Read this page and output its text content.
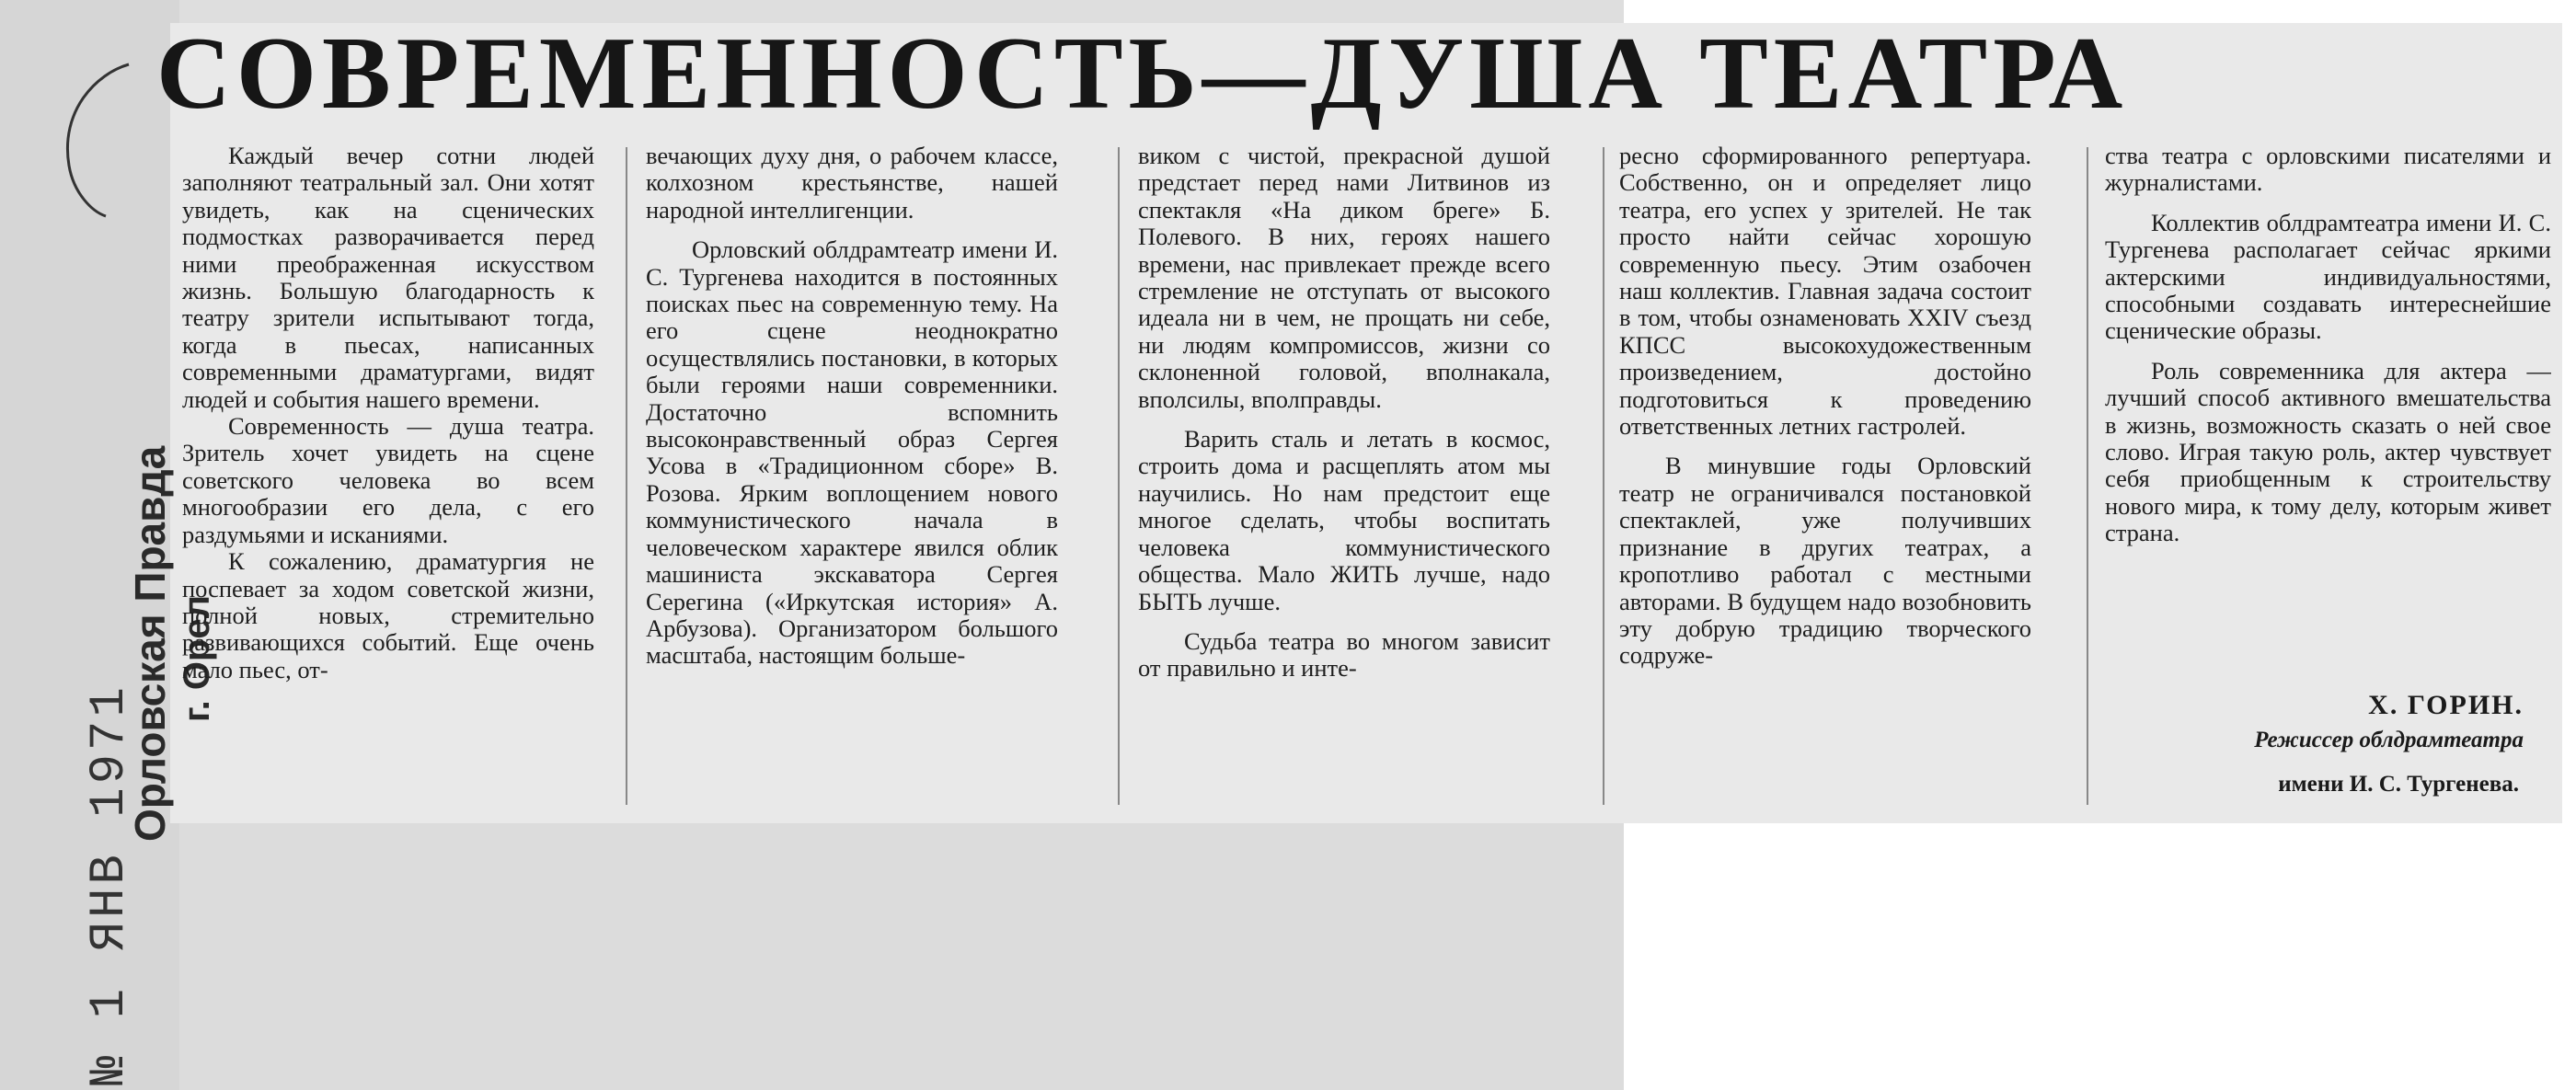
СОВРЕМЕННОСТЬ—ДУША ТЕАТРА
Орловская Правда г. Орел
№ 1 ЯНВ 1971

Каждый вечер сотни людей заполняют театральный зал. Они хотят увидеть, как на сценических подмостках разворачивается перед ними преображенная искусством жизнь. Большую благодарность к театру зрители испытывают тогда, когда в пьесах, написанных современными драматургами, видят людей и события нашего времени.

Современность — душа театра. Зритель хочет увидеть на сцене советского человека во всем многообразии его дела, с его раздумьями и исканиями.

К сожалению, драматургия не поспевает за ходом советской жизни, полной новых, стремительно развивающихся событий. Еще очень мало пьес, от-

вечающих духу дня, о рабочем классе, колхозном крестьянстве, нашей народной интеллигенции.

Орловский облдрамтеатр имени И. С. Тургенева находится в постоянных поисках пьес на современную тему. На его сцене неоднократно осуществлялись постановки, в которых были героями наши современники. Достаточно вспомнить высоконравственный образ Сергея Усова в «Традиционном сборе» В. Розова. Ярким воплощением нового коммунистического начала в человеческом характере явился облик машиниста экскаватора Сергея Серегина («Иркутская история» А. Арбузова). Организатором большого масштаба, настоящим больше-

виком с чистой, прекрасной душой предстает перед нами Литвинов из спектакля «На диком бреге» Б. Полевого. В них, героях нашего времени, нас привлекает прежде всего стремление не отступать от высокого идеала ни в чем, не прощать ни себе, ни людям компромиссов, жизни со склоненной головой, вполнакала, вполсилы, вполправды.

Варить сталь и летать в космос, строить дома и расщеплять атом мы научились. Но нам предстоит еще многое сделать, чтобы воспитать человека коммунистического общества. Мало ЖИТЬ лучше, надо БЫТЬ лучше.

Судьба театра во многом зависит от правильно и инте-

ресно сформированного репертуара. Собственно, он и определяет лицо театра, его успех у зрителей. Не так просто найти сейчас хорошую современную пьесу. Этим озабочен наш коллектив. Главная задача состоит в том, чтобы ознаменовать XXIV съезд КПСС высокохудожественным произведением, достойно подготовиться к проведению ответственных летних гастролей.

В минувшие годы Орловский театр не ограничивался постановкой спектаклей, уже получивших признание в других театрах, а кропотливо работал с местными авторами. В будущем надо возобновить эту добрую традицию творческого содруже-

ства театра с орловскими писателями и журналистами.

Коллектив облдрамтеатра имени И. С. Тургенева располагает сейчас яркими актерскими индивидуальностями, способными создавать интереснейшие сценические образы.

Роль современника для актера — лучший способ активного вмешательства в жизнь, возможность сказать о ней свое слово. Играя такую роль, актер чувствует себя приобщенным к строительству нового мира, к тому делу, которым живет страна.

Х. ГОРИН.
Режиссер облдрамтеатра
имени И. С. Тургенева.
